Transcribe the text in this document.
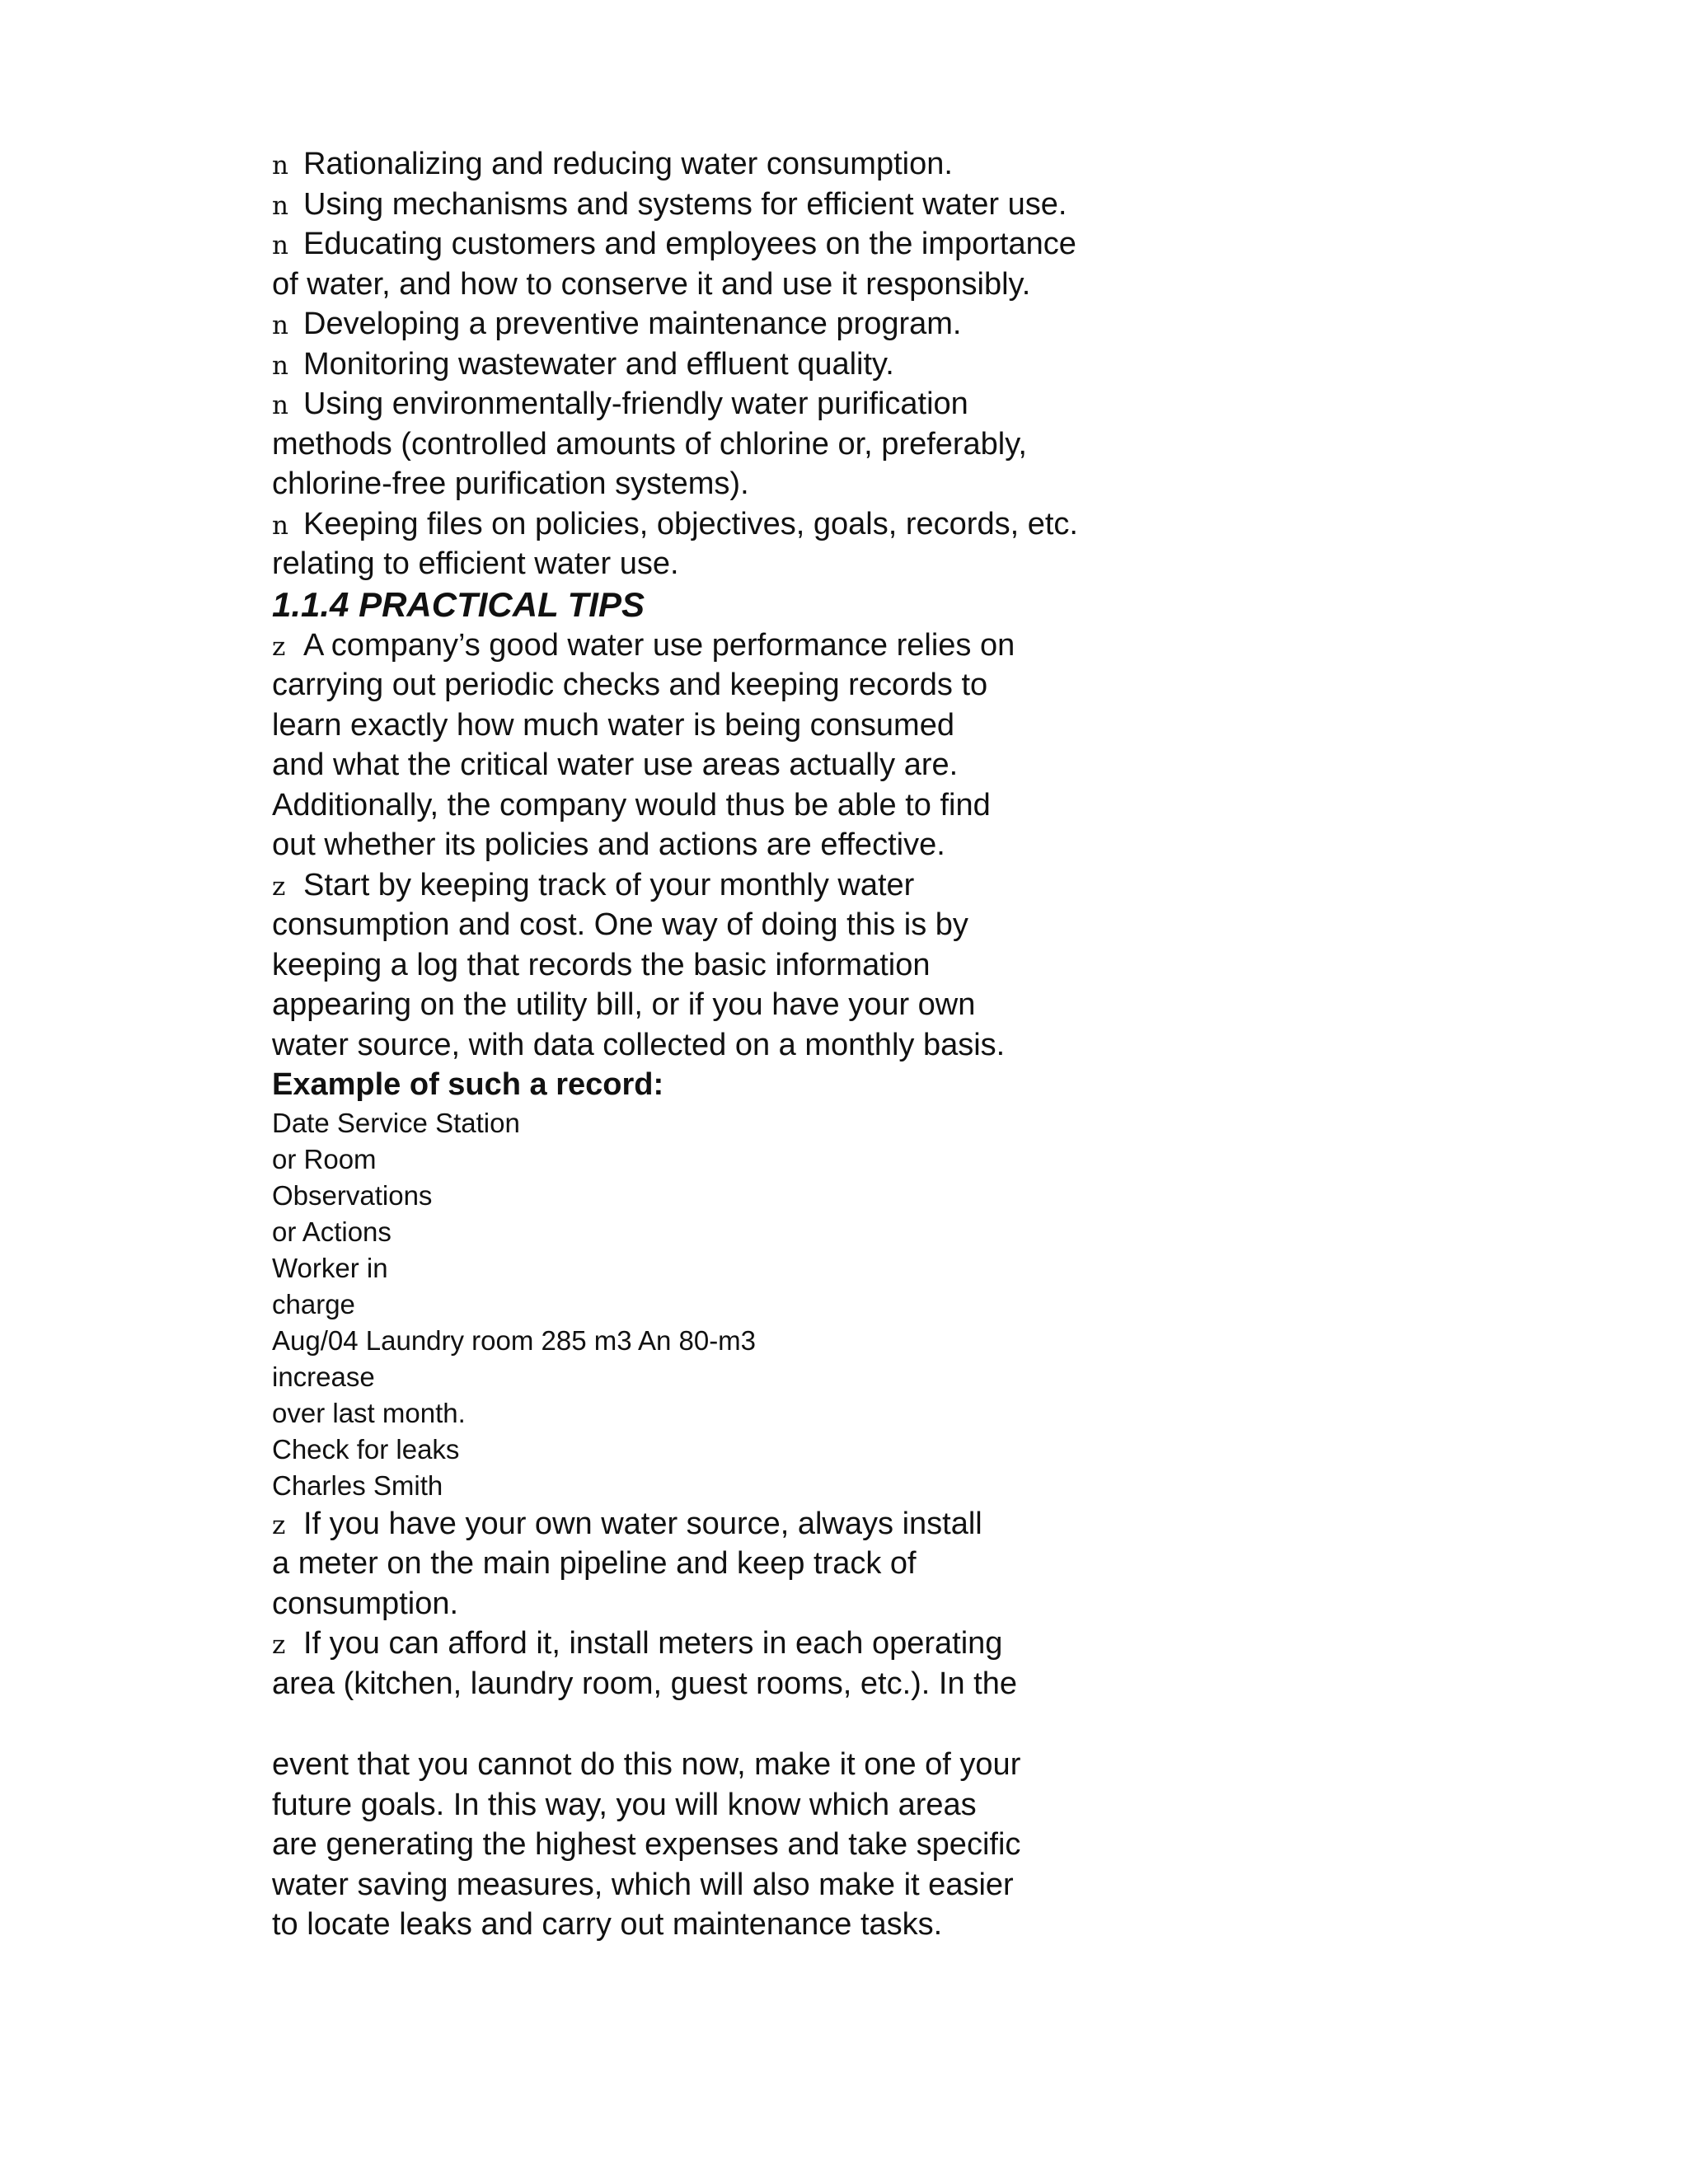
n Rationalizing and reducing water consumption.
n Using mechanisms and systems for efficient water use.
n Educating customers and employees on the importance
of water, and how to conserve it and use it responsibly.
n Developing a preventive maintenance program.
n Monitoring wastewater and effluent quality.
n Using environmentally-friendly water purification
methods (controlled amounts of chlorine or, preferably,
chlorine-free purification systems).
n Keeping files on policies, objectives, goals, records, etc.
relating to efficient water use.
1.1.4 PRACTICAL TIPS
z A company’s good water use performance relies on
carrying out periodic checks and keeping records to
learn exactly how much water is being consumed
and what the critical water use areas actually are.
Additionally, the company would thus be able to find
out whether its policies and actions are effective.
z Start by keeping track of your monthly water
consumption and cost. One way of doing this is by
keeping a log that records the basic information
appearing on the utility bill, or if you have your own
water source, with data collected on a monthly basis.
Example of such a record:
Date Service Station
or Room
Observations
or Actions
Worker in
charge
Aug/04 Laundry room 285 m3 An 80-m3
increase
over last month.
Check for leaks
Charles Smith
z If you have your own water source, always install
a meter on the main pipeline and keep track of
consumption.
z If you can afford it, install meters in each operating
area (kitchen, laundry room, guest rooms, etc.). In the
event that you cannot do this now, make it one of your
future goals. In this way, you will know which areas
are generating the highest expenses and take specific
water saving measures, which will also make it easier
to locate leaks and carry out maintenance tasks.
